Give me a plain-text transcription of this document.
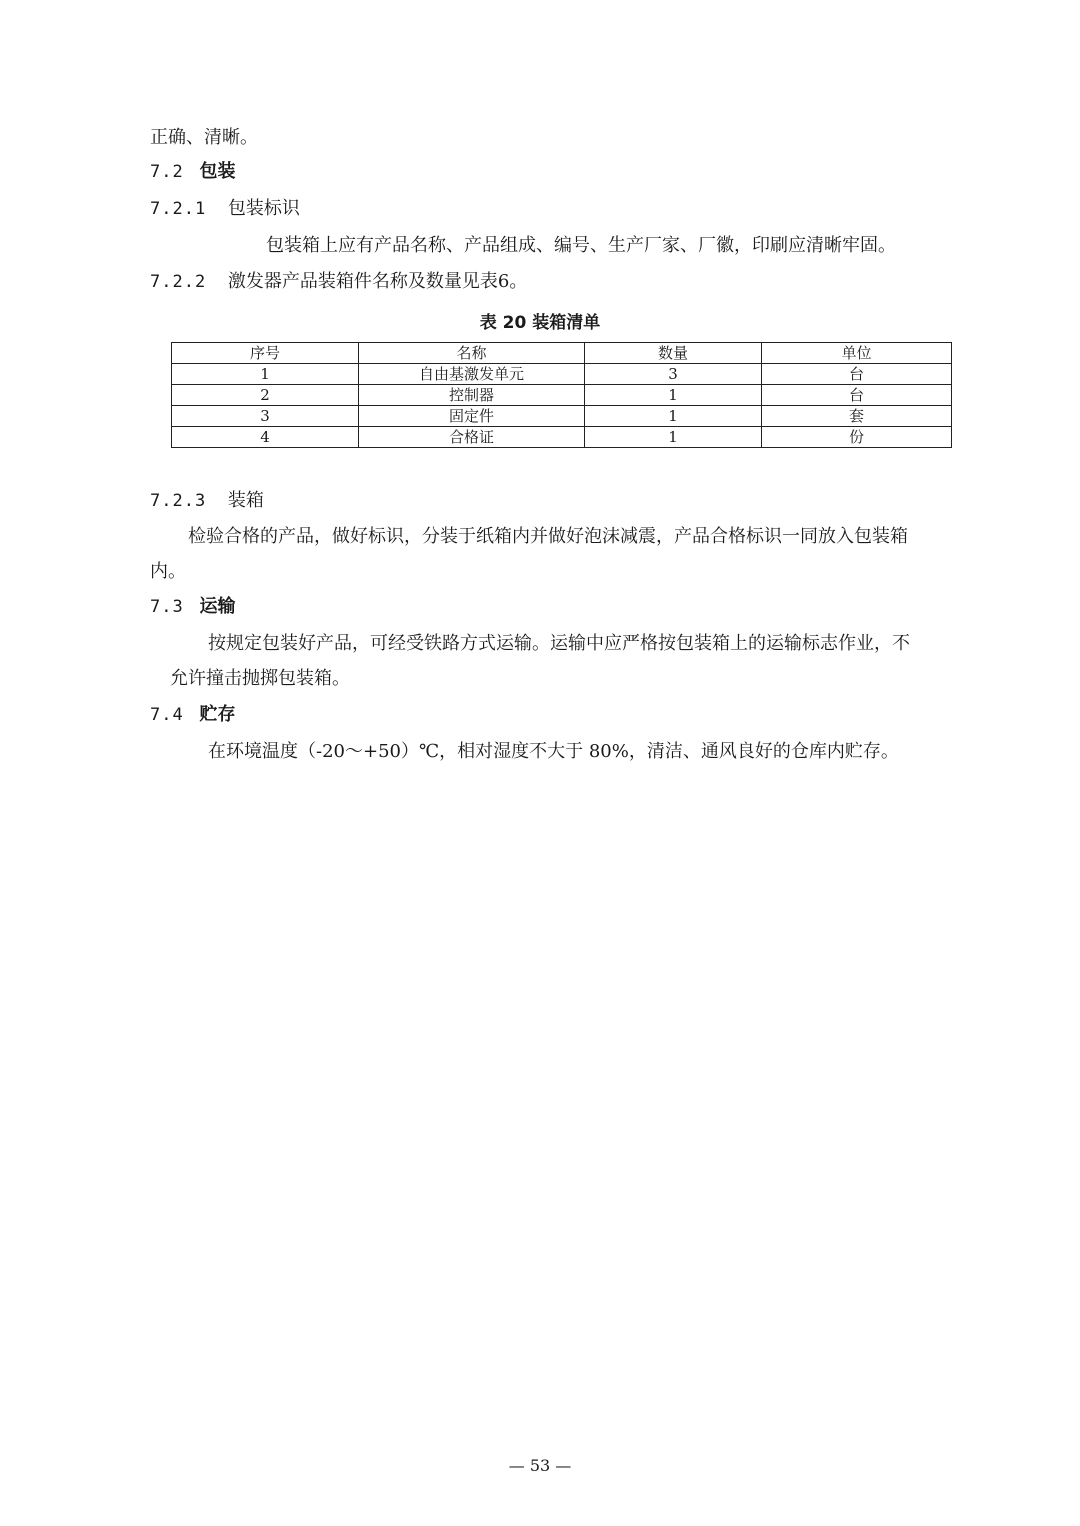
正确、清晰。
7.2 包装
7.2.1 包装标识
包装箱上应有产品名称、产品组成、编号、生产厂家、厂徽，印刷应清晰牢固。
7.2.2 激发器产品装箱件名称及数量见表6。
表 20 装箱清单
序号	名称	数量	单位
1	自由基激发单元	3	台
2	控制器	1	台
3	固定件	1	套
4	合格证	1	份
7.2.3 装箱
检验合格的产品，做好标识，分装于纸箱内并做好泡沫减震，产品合格标识一同放入包装箱
内。
7.3 运输
按规定包装好产品，可经受铁路方式运输。运输中应严格按包装箱上的运输标志作业，不
允许撞击抛掷包装箱。
7.4 贮存
在环境温度（-20～+50）℃，相对湿度不大于 80%，清洁、通风良好的仓库内贮存。
— 53 —
